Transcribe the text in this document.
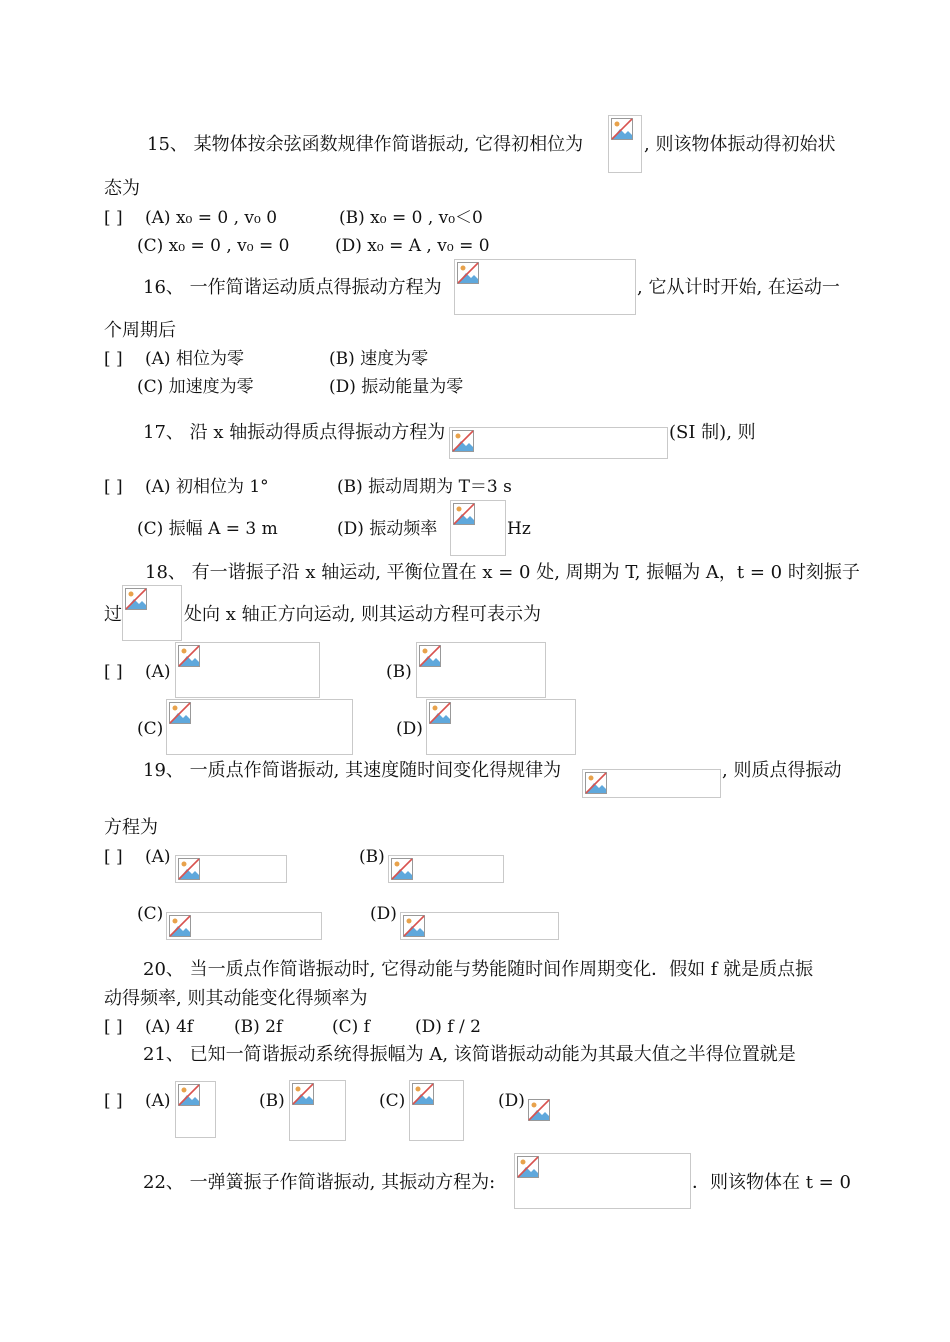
15、 某物体按余弦函数规律作简谐振动, 它得初相位为	, 则该物体振动得初始状
态为
[ ] (A) x₀ = 0 , v₀ 0	(B) x₀ = 0 , v₀＜0
(C) x₀ = 0 , v₀ = 0	(D) x₀ = A , v₀ = 0
16、 一作简谐运动质点得振动方程为	, 它从计时开始, 在运动一
个周期后
[ ] (A) 相位为零	(B) 速度为零
(C) 加速度为零	(D) 振动能量为零
17、 沿 x 轴振动得质点得振动方程为	(SI 制), 则
[ ] (A) 初相位为 1°	(B) 振动周期为 T＝3 s
(C) 振幅 A = 3 m	(D) 振动频率	Hz
18、 有一谐振子沿 x 轴运动, 平衡位置在 x = 0 处, 周期为 T, 振幅为 A，t = 0 时刻振子
过	处向 x 轴正方向运动, 则其运动方程可表示为
[ ] (A)	(B)
(C)	(D)
19、 一质点作简谐振动, 其速度随时间变化得规律为	, 则质点得振动
方程为
[ ] (A)	(B)
(C)	(D)
20、 当一质点作简谐振动时, 它得动能与势能随时间作周期变化．假如 f 就是质点振
动得频率, 则其动能变化得频率为
[ ] (A) 4f (B) 2f	(C) f	(D) f / 2
21、 已知一简谐振动系统得振幅为 A, 该简谐振动动能为其最大值之半得位置就是
[ ] (A)	(B)	(C)	(D)
22、 一弹簧振子作简谐振动, 其振动方程为:	．则该物体在 t = 0
